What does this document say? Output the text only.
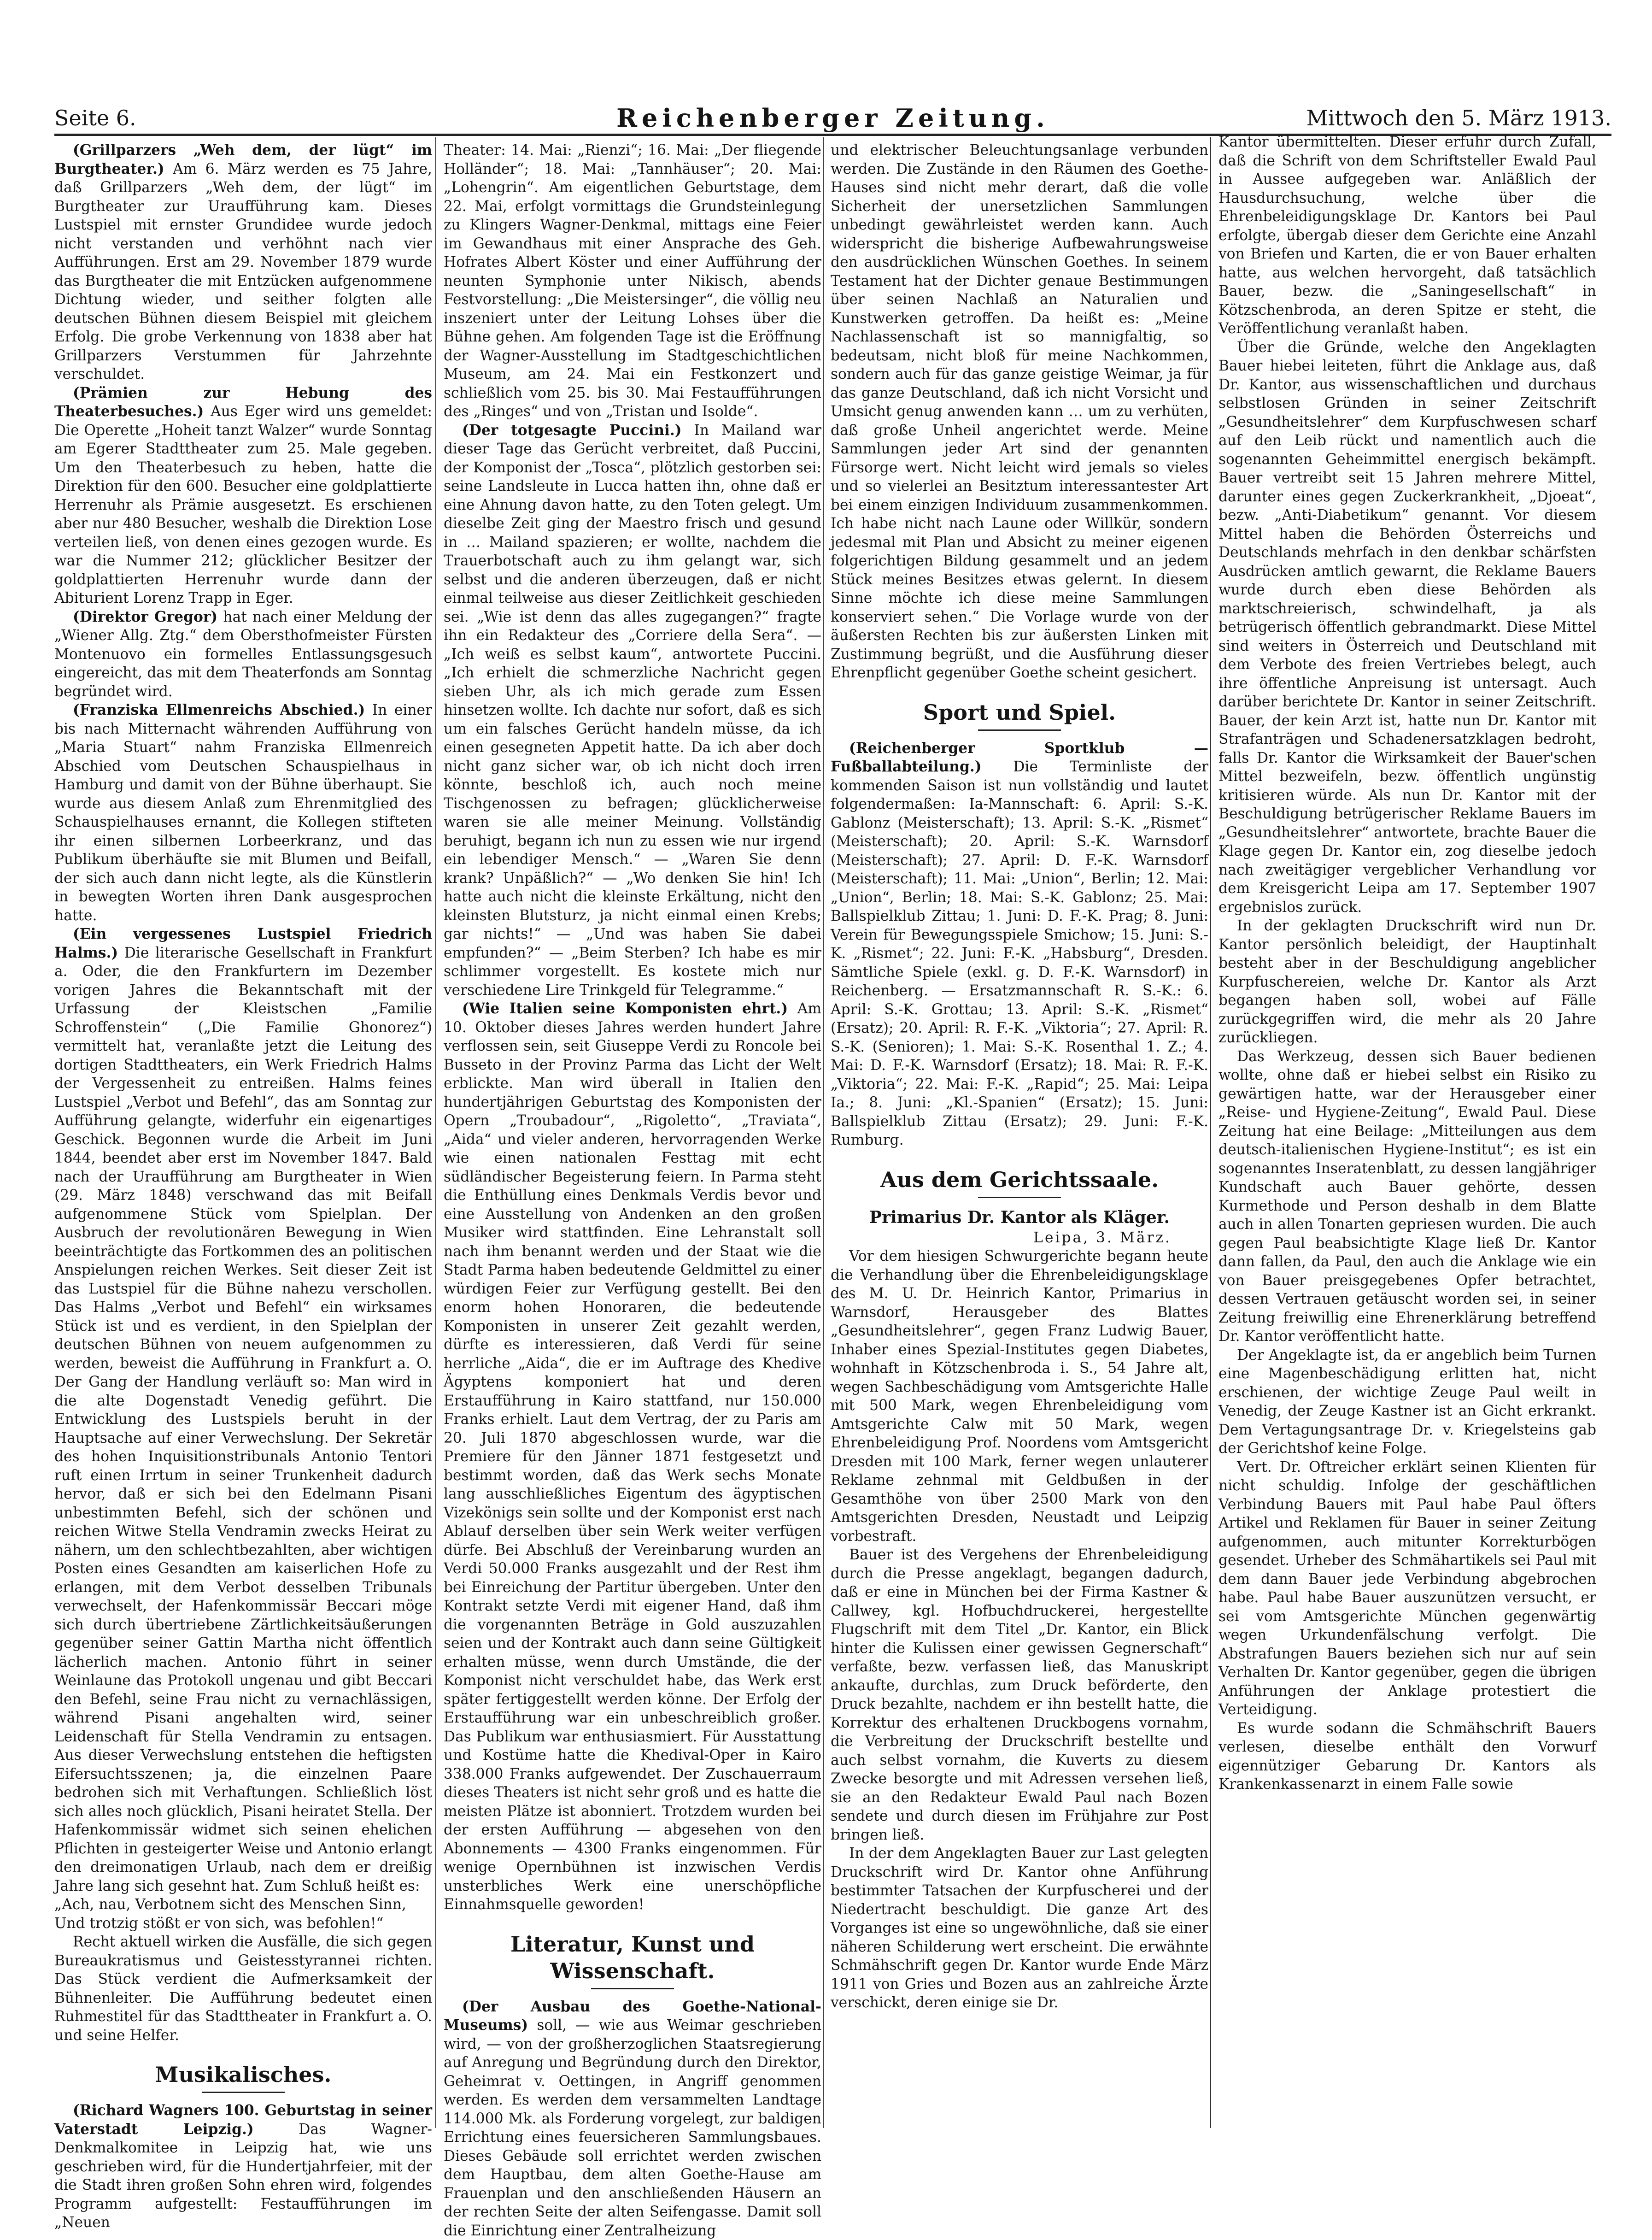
Seite 6.	Reichenberger Zeitung.	Mittwoch den 5. März 1913.

(Grillparzers „Weh dem, der lügt“ im Burgtheater.) Am 6. März werden es 75 Jahre, daß Grillparzers „Weh dem, der lügt“ im Burgtheater zur Uraufführung kam. Dieses Lustspiel mit ernster Grundidee wurde jedoch nicht verstanden und verhöhnt nach vier Aufführungen. Erst am 29. November 1879 wurde das Burgtheater die mit Entzücken aufgenommene Dichtung wieder, und seither folgten alle deutschen Bühnen diesem Beispiel mit gleichem Erfolg. Die grobe Verkennung von 1838 aber hat Grillparzers Verstummen für Jahrzehnte verschuldet.

(Prämien zur Hebung des Theaterbesuches.) Aus Eger wird uns gemeldet: Die Operette „Hoheit tanzt Walzer“ wurde Sonntag am Egerer Stadttheater zum 25. Male gegeben. Um den Theaterbesuch zu heben, hatte die Direktion für den 600. Besucher eine goldplattierte Herrenuhr als Prämie ausgesetzt. Es erschienen aber nur 480 Besucher, weshalb die Direktion Lose verteilen ließ, von denen eines gezogen wurde. Es war die Nummer 212; glücklicher Besitzer der goldplattierten Herrenuhr wurde dann der Abiturient Lorenz Trapp in Eger.

(Direktor Gregor) hat nach einer Meldung der „Wiener Allg. Ztg.“ dem Obersthofmeister Fürsten Montenuovo ein formelles Entlassungsgesuch eingereicht, das mit dem Theaterfonds am Sonntag begründet wird.

(Franziska Ellmenreichs Abschied.) In einer bis nach Mitternacht währenden Aufführung von „Maria Stuart“ nahm Franziska Ellmenreich Abschied vom Deutschen Schauspielhaus in Hamburg und damit von der Bühne überhaupt. Sie wurde aus diesem Anlaß zum Ehrenmitglied des Schauspielhauses ernannt, die Kollegen stifteten ihr einen silbernen Lorbeerkranz, und das Publikum überhäufte sie mit Blumen und Beifall, der sich auch dann nicht legte, als die Künstlerin in bewegten Worten ihren Dank ausgesprochen hatte.

(Ein vergessenes Lustspiel Friedrich Halms.) Die literarische Gesellschaft in Frankfurt a. Oder, die den Frankfurtern im Dezember vorigen Jahres die Bekanntschaft mit der Urfassung der Kleistschen „Familie Schroffenstein“ („Die Familie Ghonorez“) vermittelt hat, veranlaßte jetzt die Leitung des dortigen Stadttheaters, ein Werk Friedrich Halms der Vergessenheit zu entreißen. Halms feines Lustspiel „Verbot und Befehl“, das am Sonntag zur Aufführung gelangte, widerfuhr ein eigenartiges Geschick. Begonnen wurde die Arbeit im Juni 1844, beendet aber erst im November 1847. Bald nach der Uraufführung am Burgtheater in Wien (29. März 1848) verschwand das mit Beifall aufgenommene Stück vom Spielplan. Der Ausbruch der revolutionären Bewegung in Wien beeinträchtigte das Fortkommen des an politischen Anspielungen reichen Werkes. Seit dieser Zeit ist das Lustspiel für die Bühne nahezu verschollen. Das Halms „Verbot und Befehl“ ein wirksames Stück ist und es verdient, in den Spielplan der deutschen Bühnen von neuem aufgenommen zu werden, beweist die Aufführung in Frankfurt a. O. Der Gang der Handlung verläuft so: Man wird in die alte Dogenstadt Venedig geführt. Die Entwicklung des Lustspiels beruht in der Hauptsache auf einer Verwechslung. Der Sekretär des hohen Inquisitionstribunals Antonio Tentori ruft einen Irrtum in seiner Trunkenheit dadurch hervor, daß er sich bei den Edelmann Pisani unbestimmten Befehl, sich der schönen und reichen Witwe Stella Vendramin zwecks Heirat zu nähern, um den schlechtbezahlten, aber wichtigen Posten eines Gesandten am kaiserlichen Hofe zu erlangen, mit dem Verbot desselben Tribunals verwechselt, der Hafenkommissär Beccari möge sich durch übertriebene Zärtlichkeitsäußerungen gegenüber seiner Gattin Martha nicht öffentlich lächerlich machen. Antonio führt in seiner Weinlaune das Protokoll ungenau und gibt Beccari den Befehl, seine Frau nicht zu vernachlässigen, während Pisani angehalten wird, seiner Leidenschaft für Stella Vendramin zu entsagen. Aus dieser Verwechslung entstehen die heftigsten Eifersuchtsszenen; ja, die einzelnen Paare bedrohen sich mit Verhaftungen. Schließlich löst sich alles noch glücklich, Pisani heiratet Stella. Der Hafenkommissär widmet sich seinen ehelichen Pflichten in gesteigerter Weise und Antonio erlangt den dreimonatigen Urlaub, nach dem er dreißig Jahre lang sich gesehnt hat. Zum Schluß heißt es:

„Ach, nau, Verbotnem sicht des Menschen Sinn,

Und trotzig stößt er von sich, was befohlen!“

Recht aktuell wirken die Ausfälle, die sich gegen Bureaukratismus und Geistesstyrannei richten. Das Stück verdient die Aufmerksamkeit der Bühnenleiter. Die Aufführung bedeutet einen Ruhmestitel für das Stadttheater in Frankfurt a. O. und seine Helfer.

Musikalisches.

(Richard Wagners 100. Geburtstag in seiner Vaterstadt Leipzig.)	Das Wagner-Denkmalkomitee in Leipzig hat, wie uns geschrieben wird, für die Hundertjahrfeier, mit der die Stadt ihren großen Sohn ehren wird, folgendes Programm aufgestellt: Festaufführungen im „Neuen

Theater: 14. Mai: „Rienzi“; 16. Mai: „Der fliegende Holländer“; 18. Mai: „Tannhäuser“; 20. Mai: „Lohengrin“. Am eigentlichen Geburtstage, dem 22. Mai, erfolgt vormittags die Grundsteinlegung zu Klingers Wagner-Denkmal, mittags eine Feier im Gewandhaus mit einer Ansprache des Geh. Hofrates Albert Köster und einer Aufführung der neunten Symphonie unter Nikisch, abends Festvorstellung: „Die Meistersinger“, die völlig neu inszeniert unter der Leitung Lohses über die Bühne gehen. Am folgenden Tage ist die Eröffnung der Wagner-Ausstellung im Stadtgeschichtlichen Museum, am 24. Mai ein Festkonzert und schließlich vom 25. bis 30. Mai Festaufführungen des „Ringes“ und von „Tristan und Isolde“.

(Der totgesagte Puccini.) In Mailand war dieser Tage das Gerücht verbreitet, daß Puccini, der Komponist der „Tosca“, plötzlich gestorben sei: seine Landsleute in Lucca hatten ihn, ohne daß er eine Ahnung davon hatte, zu den Toten gelegt. Um dieselbe Zeit ging der Maestro frisch und gesund in … Mailand spazieren; er wollte, nachdem die Trauerbotschaft auch zu ihm gelangt war, sich selbst und die anderen überzeugen, daß er nicht einmal teilweise aus dieser Zeitlichkeit geschieden sei. „Wie ist denn das alles zugegangen?“ fragte ihn ein Redakteur des „Corriere della Sera“. — „Ich weiß es selbst kaum“, antwortete Puccini. „Ich erhielt die schmerzliche Nachricht gegen sieben Uhr, als ich mich gerade zum Essen hinsetzen wollte. Ich dachte nur sofort, daß es sich um ein falsches Gerücht handeln müsse, da ich einen gesegneten Appetit hatte. Da ich aber doch nicht ganz sicher war, ob ich nicht doch irren könnte, beschloß ich, auch noch meine Tischgenossen zu befragen; glücklicherweise waren sie alle meiner Meinung. Vollständig beruhigt, begann ich nun zu essen wie nur irgend ein lebendiger Mensch.“ — „Waren Sie denn krank? Unpäßlich?“ — „Wo denken Sie hin! Ich hatte auch nicht die kleinste Erkältung, nicht den kleinsten Blutsturz, ja nicht einmal einen Krebs; gar nichts!“ — „Und was haben Sie dabei empfunden?“ — „Beim Sterben? Ich habe es mir schlimmer vorgestellt. Es kostete mich nur verschiedene Lire Trinkgeld für Telegramme.“

(Wie Italien seine Komponisten ehrt.) Am 10. Oktober dieses Jahres werden hundert Jahre verflossen sein, seit Giuseppe Verdi zu Roncole bei Busseto in der Provinz Parma das Licht der Welt erblickte. Man wird überall in Italien den hundertjährigen Geburtstag des Komponisten der Opern „Troubadour“, „Rigoletto“, „Traviata“, „Aida“ und vieler anderen, hervorragenden Werke wie einen nationalen Festtag mit echt südländischer Begeisterung feiern. In Parma steht die Enthüllung eines Denkmals Verdis bevor und eine Ausstellung von Andenken an den großen Musiker wird stattfinden. Eine Lehranstalt soll nach ihm benannt werden und der Staat wie die Stadt Parma haben bedeutende Geldmittel zu einer würdigen Feier zur Verfügung gestellt. Bei den enorm hohen Honoraren, die bedeutende Komponisten in unserer Zeit gezahlt werden, dürfte es interessieren, daß Verdi für seine herrliche „Aida“, die er im Auftrage des Khedive Ägyptens komponiert hat und deren Erstaufführung in Kairo stattfand, nur 150.000 Franks erhielt. Laut dem Vertrag, der zu Paris am 20. Juli 1870 abgeschlossen wurde, war die Premiere für den Jänner 1871 festgesetzt und bestimmt worden, daß das Werk sechs Monate lang ausschließliches Eigentum des ägyptischen Vizekönigs sein sollte und der Komponist erst nach Ablauf derselben über sein Werk weiter verfügen dürfe. Bei Abschluß der Vereinbarung wurden an Verdi 50.000 Franks ausgezahlt und der Rest ihm bei Einreichung der Partitur übergeben. Unter den Kontrakt setzte Verdi mit eigener Hand, daß ihm die vorgenannten Beträge in Gold auszuzahlen seien und der Kontrakt auch dann seine Gültigkeit erhalten müsse, wenn durch Umstände, die der Komponist nicht verschuldet habe, das Werk erst später fertiggestellt werden könne. Der Erfolg der Erstaufführung war ein unbeschreiblich großer. Das Publikum war enthusiasmiert. Für Ausstattung und Kostüme hatte die Khedival-Oper in Kairo 338.000 Franks aufgewendet. Der Zuschauerraum dieses Theaters ist nicht sehr groß und es hatte die meisten Plätze ist abonniert. Trotzdem wurden bei der ersten Aufführung — abgesehen von den Abonnements — 4300 Franks eingenommen. Für wenige Opernbühnen ist inzwischen Verdis unsterbliches Werk eine unerschöpfliche Einnahmsquelle geworden!

Literatur, Kunst und Wissenschaft.

(Der Ausbau des Goethe-National-Museums) soll, — wie aus Weimar geschrieben wird, — von der großherzoglichen Staatsregierung auf Anregung und Begründung durch den Direktor, Geheimrat v. Oettingen, in Angriff genommen werden. Es werden dem versammelten Landtage 114.000 Mk. als Forderung vorgelegt, zur baldigen Errichtung eines feuersicheren Sammlungsbaues. Dieses Gebäude soll errichtet werden zwischen dem Hauptbau, dem alten Goethe-Hause am Frauenplan und den anschließenden Häusern an der rechten Seite der alten Seifengasse. Damit soll die Einrichtung einer Zentralheizung

und elektrischer Beleuchtungsanlage verbunden werden. Die Zustände in den Räumen des Goethe-Hauses sind nicht mehr derart, daß die volle Sicherheit der unersetzlichen Sammlungen unbedingt gewährleistet werden kann. Auch widerspricht die bisherige Aufbewahrungsweise den ausdrücklichen Wünschen Goethes. In seinem Testament hat der Dichter genaue Bestimmungen über seinen Nachlaß an Naturalien und Kunstwerken getroffen. Da heißt es: „Meine Nachlassenschaft ist so mannigfaltig, so bedeutsam, nicht bloß für meine Nachkommen, sondern auch für das ganze geistige Weimar, ja für das ganze Deutschland, daß ich nicht Vorsicht und Umsicht genug anwenden kann … um zu verhüten, daß große Unheil angerichtet werde. Meine Sammlungen jeder Art sind der genannten Fürsorge wert. Nicht leicht wird jemals so vieles und so vielerlei an Besitztum interessantester Art bei einem einzigen Individuum zusammenkommen. Ich habe nicht nach Laune oder Willkür, sondern jedesmal mit Plan und Absicht zu meiner eigenen folgerichtigen Bildung gesammelt und an jedem Stück meines Besitzes etwas gelernt. In diesem Sinne möchte ich diese meine Sammlungen konserviert sehen.“ Die Vorlage wurde von der äußersten Rechten bis zur äußersten Linken mit Zustimmung begrüßt, und die Ausführung dieser Ehrenpflicht gegenüber Goethe scheint gesichert.

Sport und Spiel.

(Reichenberger Sportklub — Fußballabteilung.) Die Terminliste der kommenden Saison ist nun vollständig und lautet folgendermaßen: Ia-Mannschaft: 6. April: S.-K. Gablonz (Meisterschaft); 13. April: S.-K. „Rismet“ (Meisterschaft); 20. April: S.-K. Warnsdorf (Meisterschaft); 27. April: D. F.-K. Warnsdorf (Meisterschaft); 11. Mai: „Union“, Berlin; 12. Mai: „Union“, Berlin; 18. Mai: S.-K. Gablonz; 25. Mai: Ballspielklub Zittau; 1. Juni: D. F.-K. Prag; 8. Juni: Verein für Bewegungsspiele Smichow; 15. Juni: S.-K. „Rismet“; 22. Juni: F.-K. „Habsburg“, Dresden. Sämtliche Spiele (exkl. g. D. F.-K. Warnsdorf) in Reichenberg. — Ersatzmannschaft R. S.-K.: 6. April: S.-K. Grottau; 13. April: S.-K. „Rismet“ (Ersatz); 20. April: R. F.-K. „Viktoria“; 27. April: R. S.-K. (Senioren); 1. Mai: S.-K. Rosenthal 1. Z.; 4. Mai: D. F.-K. Warnsdorf (Ersatz); 18. Mai: R. F.-K. „Viktoria“; 22. Mai: F.-K. „Rapid“; 25. Mai: Leipa Ia.; 8. Juni: „Kl.-Spanien“ (Ersatz); 15. Juni: Ballspielklub Zittau (Ersatz); 29. Juni: F.-K. Rumburg.

Aus dem Gerichtssaale.
Primarius Dr. Kantor als Kläger.
Leipa, 3. März.

Vor dem hiesigen Schwurgerichte begann heute die Verhandlung über die Ehrenbeleidigungsklage des M. U. Dr. Heinrich Kantor, Primarius in Warnsdorf, Herausgeber des Blattes „Gesundheitslehrer“, gegen Franz Ludwig Bauer, Inhaber eines Spezial-Institutes gegen Diabetes, wohnhaft in Kötzschenbroda i. S., 54 Jahre alt, wegen Sachbeschädigung vom Amtsgerichte Halle mit 500 Mark, wegen Ehrenbeleidigung vom Amtsgerichte Calw mit 50 Mark, wegen Ehrenbeleidigung Prof. Noordens vom Amtsgericht Dresden mit 100 Mark, ferner wegen unlauterer Reklame zehnmal mit Geldbußen in der Gesamthöhe von über 2500 Mark von den Amtsgerichten Dresden, Neustadt und Leipzig vorbestraft.

Bauer ist des Vergehens der Ehrenbeleidigung durch die Presse angeklagt, begangen dadurch, daß er eine in München bei der Firma Kastner & Callwey, kgl. Hofbuchdruckerei, hergestellte Flugschrift mit dem Titel „Dr. Kantor, ein Blick hinter die Kulissen einer gewissen Gegnerschaft“ verfaßte, bezw. verfassen ließ, das Manuskript ankaufte, durchlas, zum Druck beförderte, den Druck bezahlte, nachdem er ihn bestellt hatte, die Korrektur des erhaltenen Druckbogens vornahm, die Verbreitung der Druckschrift bestellte und auch selbst vornahm, die Kuverts zu diesem Zwecke besorgte und mit Adressen versehen ließ, sie an den Redakteur Ewald Paul nach Bozen sendete und durch diesen im Frühjahre zur Post bringen ließ.

In der dem Angeklagten Bauer zur Last gelegten Druckschrift wird Dr. Kantor ohne Anführung bestimmter Tatsachen der Kurpfuscherei und der Niedertracht beschuldigt. Die ganze Art des Vorganges ist eine so ungewöhnliche, daß sie einer näheren Schilderung wert erscheint. Die erwähnte Schmähschrift gegen Dr. Kantor wurde Ende März 1911 von Gries und Bozen aus an zahlreiche Ärzte verschickt, deren einige sie Dr.

Kantor übermittelten. Dieser erfuhr durch Zufall, daß die Schrift von dem Schriftsteller Ewald Paul in Aussee aufgegeben war. Anläßlich der Hausdurchsuchung, welche über die Ehrenbeleidigungsklage Dr. Kantors bei Paul erfolgte, übergab dieser dem Gerichte eine Anzahl von Briefen und Karten, die er von Bauer erhalten hatte, aus welchen hervorgeht, daß tatsächlich Bauer, bezw. die „Saningesellschaft“ in Kötzschenbroda, an deren Spitze er steht, die Veröffentlichung veranlaßt haben.

Über die Gründe, welche den Angeklagten Bauer hiebei leiteten, führt die Anklage aus, daß Dr. Kantor, aus wissenschaftlichen und durchaus selbstlosen Gründen in seiner Zeitschrift „Gesundheitslehrer“ dem Kurpfuschwesen scharf auf den Leib rückt und namentlich auch die sogenannten Geheimmittel energisch bekämpft. Bauer vertreibt seit 15 Jahren mehrere Mittel, darunter eines gegen Zuckerkrankheit, „Djoeat“, bezw. „Anti-Diabetikum“ genannt. Vor diesem Mittel haben die Behörden Österreichs und Deutschlands mehrfach in den denkbar schärfsten Ausdrücken amtlich gewarnt, die Reklame Bauers wurde durch eben diese Behörden als marktschreierisch, schwindelhaft, ja als betrügerisch öffentlich gebrandmarkt. Diese Mittel sind weiters in Österreich und Deutschland mit dem Verbote des freien Vertriebes belegt, auch ihre öffentliche Anpreisung ist untersagt. Auch darüber berichtete Dr. Kantor in seiner Zeitschrift. Bauer, der kein Arzt ist, hatte nun Dr. Kantor mit Strafanträgen und Schadenersatzklagen bedroht, falls Dr. Kantor die Wirksamkeit der Bauer'schen Mittel bezweifeln, bezw. öffentlich ungünstig kritisieren würde. Als nun Dr. Kantor mit der Beschuldigung betrügerischer Reklame Bauers im „Gesundheitslehrer“ antwortete, brachte Bauer die Klage gegen Dr. Kantor ein, zog dieselbe jedoch nach zweitägiger vergeblicher Verhandlung vor dem Kreisgericht Leipa am 17. September 1907 ergebnislos zurück.

In der geklagten Druckschrift wird nun Dr. Kantor persönlich beleidigt, der Hauptinhalt besteht aber in der Beschuldigung angeblicher Kurpfuschereien, welche Dr. Kantor als Arzt begangen haben soll, wobei auf Fälle zurückgegriffen wird, die mehr als 20 Jahre zurückliegen.

Das Werkzeug, dessen sich Bauer bedienen wollte, ohne daß er hiebei selbst ein Risiko zu gewärtigen hatte, war der Herausgeber einer „Reise- und Hygiene-Zeitung“, Ewald Paul. Diese Zeitung hat eine Beilage: „Mitteilungen aus dem deutsch-italienischen Hygiene-Institut“; es ist ein sogenanntes Inseratenblatt, zu dessen langjähriger Kundschaft auch Bauer gehörte, dessen Kurmethode und Person deshalb in dem Blatte auch in allen Tonarten gepriesen wurden. Die auch gegen Paul beabsichtigte Klage ließ Dr. Kantor dann fallen, da Paul, den auch die Anklage wie ein von Bauer preisgegebenes Opfer betrachtet, dessen Vertrauen getäuscht worden sei, in seiner Zeitung freiwillig eine Ehrenerklärung betreffend Dr. Kantor veröffentlicht hatte.

Der Angeklagte ist, da er angeblich beim Turnen eine Magenbeschädigung erlitten hat, nicht erschienen, der wichtige Zeuge Paul weilt in Venedig, der Zeuge Kastner ist an Gicht erkrankt. Dem Vertagungsantrage Dr. v. Kriegelsteins gab der Gerichtshof keine Folge.

Vert. Dr. Oftreicher erklärt seinen Klienten für nicht schuldig. Infolge der geschäftlichen Verbindung Bauers mit Paul habe Paul öfters Artikel und Reklamen für Bauer in seiner Zeitung aufgenommen, auch mitunter Korrekturbögen gesendet. Urheber des Schmähartikels sei Paul mit dem dann Bauer jede Verbindung abgebrochen habe. Paul habe Bauer auszunützen versucht, er sei vom Amtsgerichte München gegenwärtig wegen Urkundenfälschung verfolgt. Die Abstrafungen Bauers beziehen sich nur auf sein Verhalten Dr. Kantor gegenüber, gegen die übrigen Anführungen der Anklage protestiert die Verteidigung.

Es wurde sodann die Schmähschrift Bauers verlesen, dieselbe enthält den Vorwurf eigennütziger Gebarung Dr. Kantors als Krankenkassenarzt in einem Falle sowie
